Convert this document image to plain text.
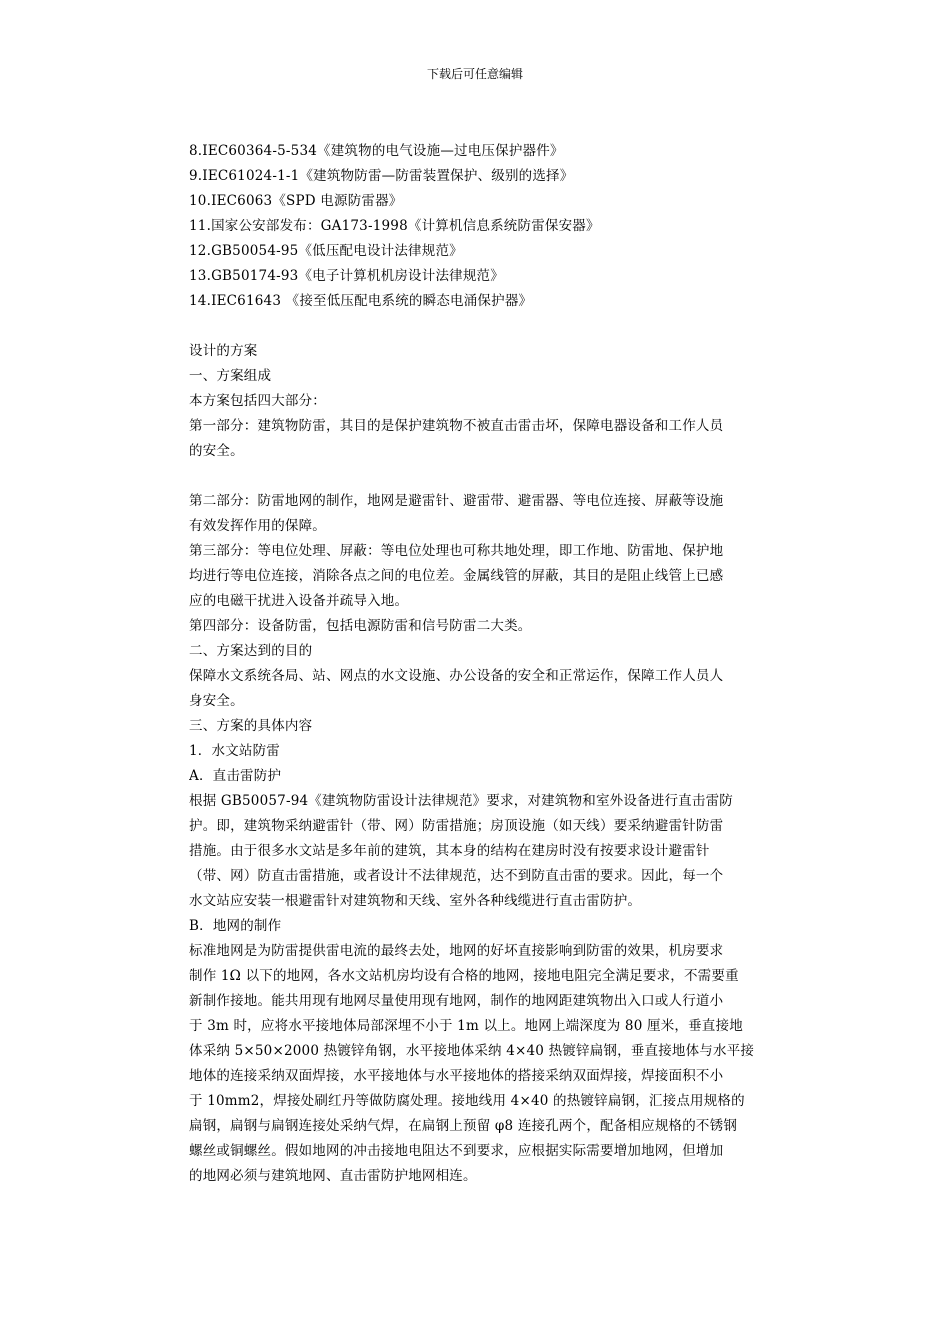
下载后可任意编辑
8.IEC60364-5-534《建筑物的电气设施—过电压保护器件》
9.IEC61024-1-1《建筑物防雷—防雷装置保护、级别的选择》
10.IEC6063《SPD 电源防雷器》
11.国家公安部发布：GA173-1998《计算机信息系统防雷保安器》
12.GB50054-95《低压配电设计法律规范》
13.GB50174-93《电子计算机机房设计法律规范》
14.IEC61643 《接至低压配电系统的瞬态电涌保护器》
设计的方案
一、方案组成
本方案包括四大部分：
第一部分：建筑物防雷，其目的是保护建筑物不被直击雷击坏，保障电器设备和工作人员
的安全。
第二部分：防雷地网的制作，地网是避雷针、避雷带、避雷器、等电位连接、屏蔽等设施
有效发挥作用的保障。
第三部分：等电位处理、屏蔽：等电位处理也可称共地处理，即工作地、防雷地、保护地
均进行等电位连接，消除各点之间的电位差。金属线管的屏蔽，其目的是阻止线管上已感
应的电磁干扰进入设备并疏导入地。
第四部分：设备防雷，包括电源防雷和信号防雷二大类。
二、方案达到的目的
保障水文系统各局、站、网点的水文设施、办公设备的安全和正常运作，保障工作人员人
身安全。
三、方案的具体内容
1．水文站防雷
A．直击雷防护
根据 GB50057-94《建筑物防雷设计法律规范》要求，对建筑物和室外设备进行直击雷防
护。即，建筑物采纳避雷针（带、网）防雷措施；房顶设施（如天线）要采纳避雷针防雷
措施。由于很多水文站是多年前的建筑，其本身的结构在建房时没有按要求设计避雷针
（带、网）防直击雷措施，或者设计不法律规范，达不到防直击雷的要求。因此，每一个
水文站应安装一根避雷针对建筑物和天线、室外各种线缆进行直击雷防护。
B．地网的制作
标准地网是为防雷提供雷电流的最终去处，地网的好坏直接影响到防雷的效果，机房要求
制作 1Ω 以下的地网，各水文站机房均设有合格的地网，接地电阻完全满足要求，不需要重
新制作接地。能共用现有地网尽量使用现有地网，制作的地网距建筑物出入口或人行道小
于 3m 时，应将水平接地体局部深埋不小于 1m 以上。地网上端深度为 80 厘米，垂直接地
体采纳 5×50×2000 热镀锌角钢，水平接地体采纳 4×40 热镀锌扁钢，垂直接地体与水平接
地体的连接采纳双面焊接，水平接地体与水平接地体的搭接采纳双面焊接，焊接面积不小
于 10mm2，焊接处刷红丹等做防腐处理。接地线用 4×40 的热镀锌扁钢，汇接点用规格的
扁钢，扁钢与扁钢连接处采纳气焊，在扁钢上预留 φ8 连接孔两个，配备相应规格的不锈钢
螺丝或铜螺丝。假如地网的冲击接地电阻达不到要求，应根据实际需要增加地网，但增加
的地网必须与建筑地网、直击雷防护地网相连。
